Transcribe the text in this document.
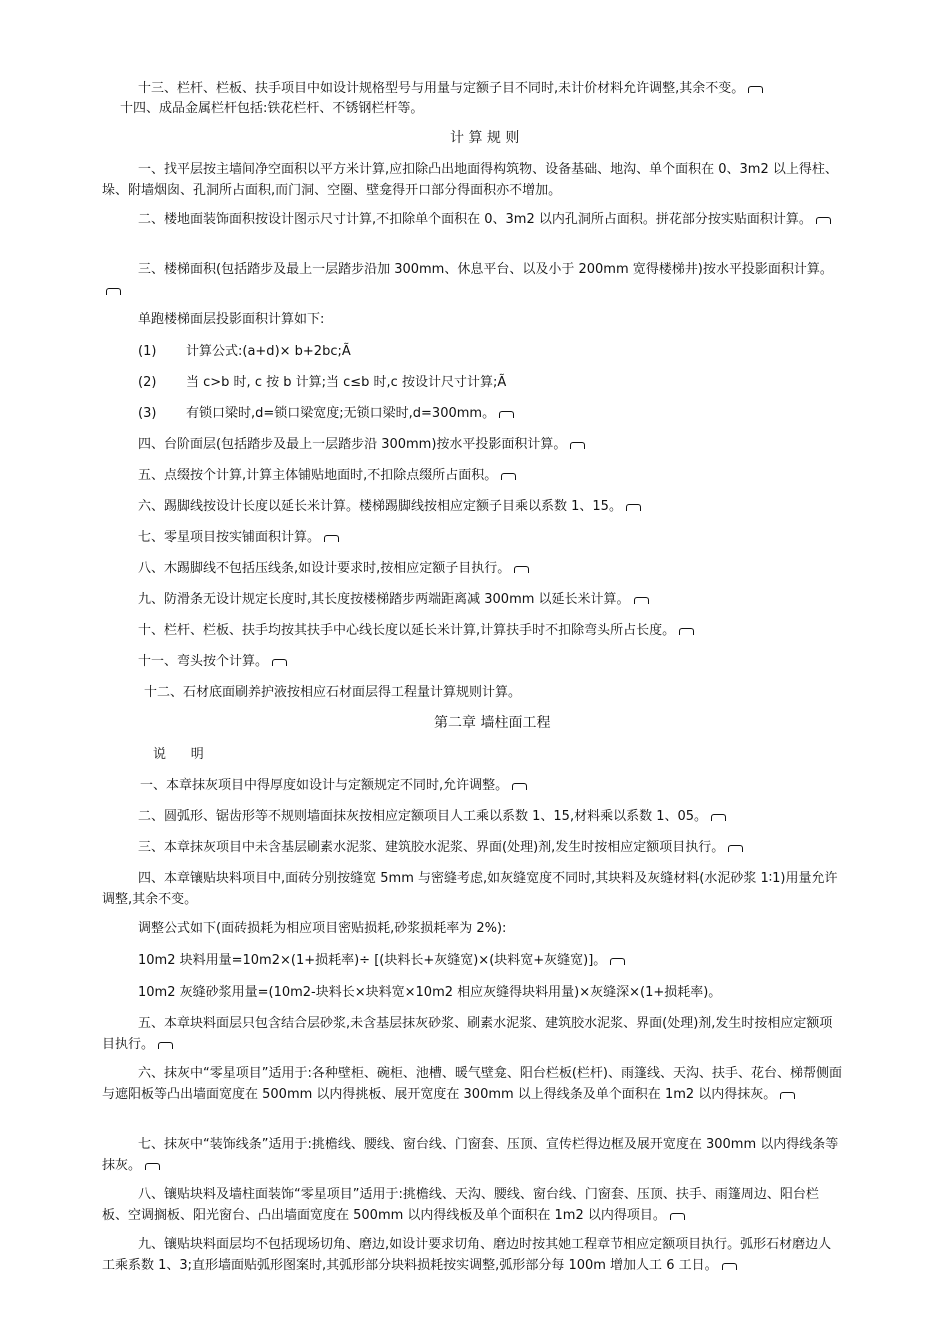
十三、栏杆、栏板、扶手项目中如设计规格型号与用量与定额子目不同时,未计价材料允许调整,其余不变。

十四、成品金属栏杆包括:铁花栏杆、不锈钢栏杆等。

计 算 规 则

一、找平层按主墙间净空面积以平方米计算,应扣除凸出地面得构筑物、设备基础、地沟、单个面积在 0、3m2 以上得柱、垛、附墙烟囱、孔洞所占面积,而门洞、空圈、壁龛得开口部分得面积亦不增加。

二、楼地面装饰面积按设计图示尺寸计算,不扣除单个面积在 0、3m2 以内孔洞所占面积。拼花部分按实贴面积计算。

三、楼梯面积(包括踏步及最上一层踏步沿加 300mm、休息平台、以及小于 200mm 宽得楼梯井)按水平投影面积计算。

单跑楼梯面层投影面积计算如下:

(1) 计算公式:(a+d)× b+2bc;Ã

(2) 当 c>b 时, c 按 b 计算;当 c≤b 时,c 按设计尺寸计算;Ã

(3) 有锁口梁时,d=锁口梁宽度;无锁口梁时,d=300mm。

四、台阶面层(包括踏步及最上一层踏步沿 300mm)按水平投影面积计算。

五、点缀按个计算,计算主体铺贴地面时,不扣除点缀所占面积。

六、踢脚线按设计长度以延长米计算。楼梯踢脚线按相应定额子目乘以系数 1、15。

七、零星项目按实铺面积计算。

八、木踢脚线不包括压线条,如设计要求时,按相应定额子目执行。

九、防滑条无设计规定长度时,其长度按楼梯踏步两端距离减 300mm 以延长米计算。

十、栏杆、栏板、扶手均按其扶手中心线长度以延长米计算,计算扶手时不扣除弯头所占长度。

十一、弯头按个计算。

十二、石材底面刷养护液按相应石材面层得工程量计算规则计算。

第二章 墙柱面工程

说      明

一、本章抹灰项目中得厚度如设计与定额规定不同时,允许调整。

二、圆弧形、锯齿形等不规则墙面抹灰按相应定额项目人工乘以系数 1、15,材料乘以系数 1、05。

三、本章抹灰项目中未含基层刷素水泥浆、建筑胶水泥浆、界面(处理)剂,发生时按相应定额项目执行。

四、本章镶贴块料项目中,面砖分别按缝宽 5mm 与密缝考虑,如灰缝宽度不同时,其块料及灰缝材料(水泥砂浆 1∶1)用量允许调整,其余不变。

调整公式如下(面砖损耗为相应项目密贴损耗,砂浆损耗率为 2%):

10m2 块料用量=10m2×(1+损耗率)÷ [(块料长+灰缝宽)×(块料宽+灰缝宽)]。

10m2 灰缝砂浆用量=(10m2-块料长×块料宽×10m2 相应灰缝得块料用量)×灰缝深×(1+损耗率)。

五、本章块料面层只包含结合层砂浆,未含基层抹灰砂浆、刷素水泥浆、建筑胶水泥浆、界面(处理)剂,发生时按相应定额项目执行。

六、抹灰中“零星项目”适用于:各种壁柜、碗柜、池槽、暖气壁龛、阳台栏板(栏杆)、雨篷线、天沟、扶手、花台、梯帮侧面与遮阳板等凸出墙面宽度在 500mm 以内得挑板、展开宽度在 300mm 以上得线条及单个面积在 1m2 以内得抹灰。

七、抹灰中“装饰线条”适用于:挑檐线、腰线、窗台线、门窗套、压顶、宣传栏得边框及展开宽度在 300mm 以内得线条等抹灰。

八、镶贴块料及墙柱面装饰“零星项目”适用于:挑檐线、天沟、腰线、窗台线、门窗套、压顶、扶手、雨篷周边、阳台栏板、空调搁板、阳光窗台、凸出墙面宽度在 500mm 以内得线板及单个面积在 1m2 以内得项目。

九、镶贴块料面层均不包括现场切角、磨边,如设计要求切角、磨边时按其她工程章节相应定额项目执行。弧形石材磨边人工乘系数 1、3;直形墙面贴弧形图案时,其弧形部分块料损耗按实调整,弧形部分每 100m 增加人工 6 工日。
